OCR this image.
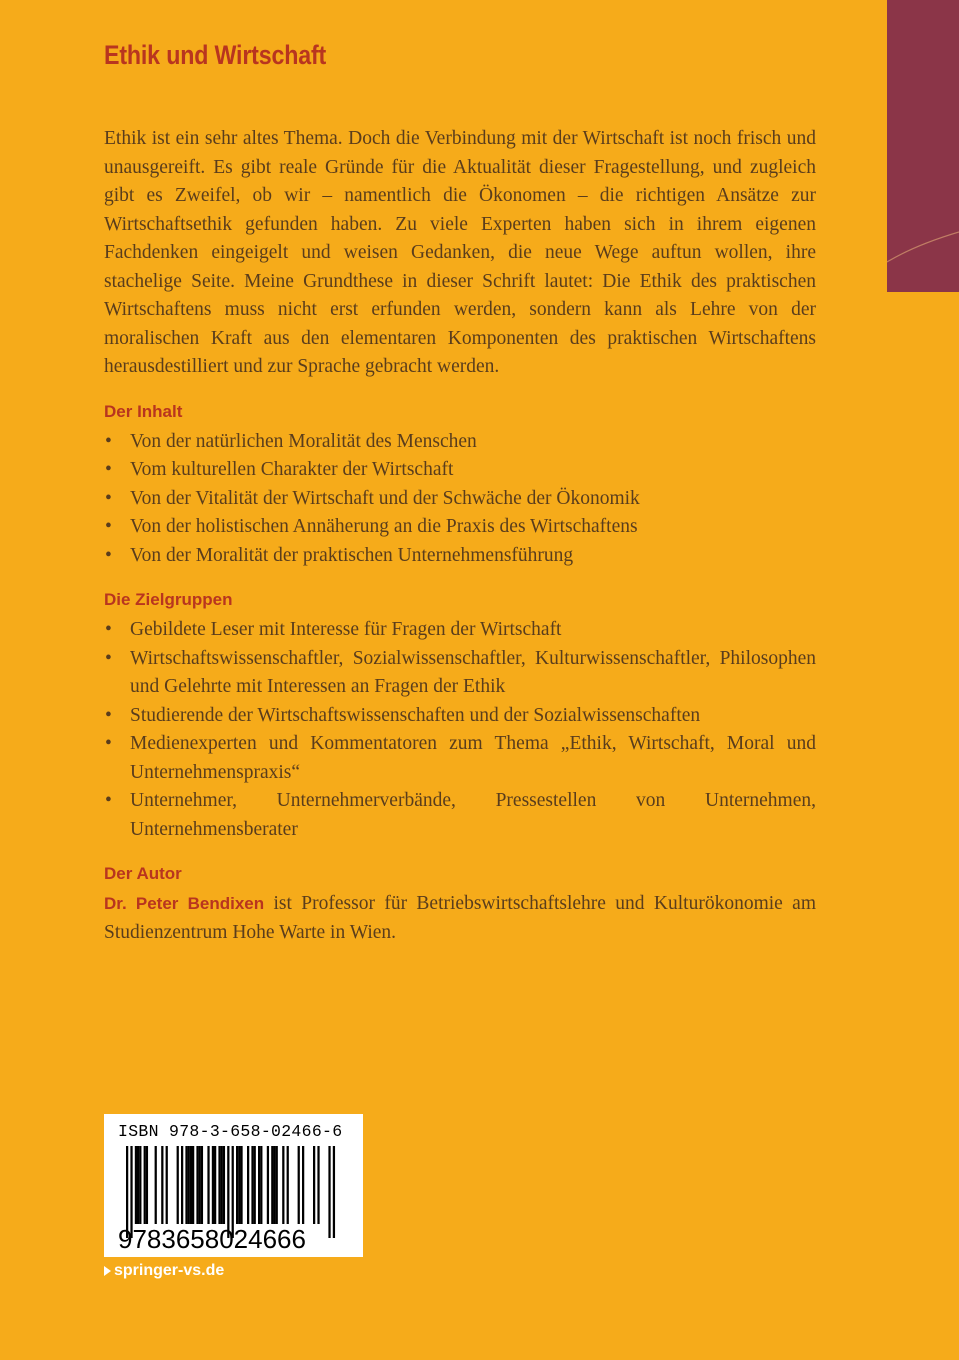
Ethik und Wirtschaft

Ethik ist ein sehr altes Thema. Doch die Verbindung mit der Wirtschaft ist noch frisch und unausgereift. Es gibt reale Gründe für die Aktualität dieser Fragestellung, und zugleich gibt es Zweifel, ob wir – namentlich die Ökonomen – die richtigen Ansätze zur Wirtschaftsethik gefunden haben. Zu viele Experten haben sich in ihrem eigenen Fachdenken eingeigelt und weisen Gedanken, die neue Wege auftun wollen, ihre stachelige Seite. Meine Grundthese in dieser Schrift lautet: Die Ethik des praktischen Wirtschaftens muss nicht erst erfunden werden, sondern kann als Lehre von der moralischen Kraft aus den elementaren Komponenten des praktischen Wirtschaftens herausdestilliert und zur Sprache gebracht werden.

Der Inhalt
• Von der natürlichen Moralität des Menschen
• Vom kulturellen Charakter der Wirtschaft
• Von der Vitalität der Wirtschaft und der Schwäche der Ökonomik
• Von der holistischen Annäherung an die Praxis des Wirtschaftens
• Von der Moralität der praktischen Unternehmensführung
Die Zielgruppen
• Gebildete Leser mit Interesse für Fragen der Wirtschaft
• Wirtschaftswissenschaftler, Sozialwissenschaftler, Kulturwissenschaftler, Philosophen und Gelehrte mit Interessen an Fragen der Ethik
• Studierende der Wirtschaftswissenschaften und der Sozialwissenschaften
• Medienexperten und Kommentatoren zum Thema „Ethik, Wirtschaft, Moral und Unternehmenspraxis“
• Unternehmer, Unternehmerverbände, Pressestellen von Unternehmen, Unternehmensberater
Der Autor

Dr. Peter Bendixen ist Professor für Betriebswirtschaftslehre und Kulturökonomie am Studienzentrum Hohe Warte in Wien.

ISBN 978-3-658-02466-6
9783658024666
springer-vs.de
